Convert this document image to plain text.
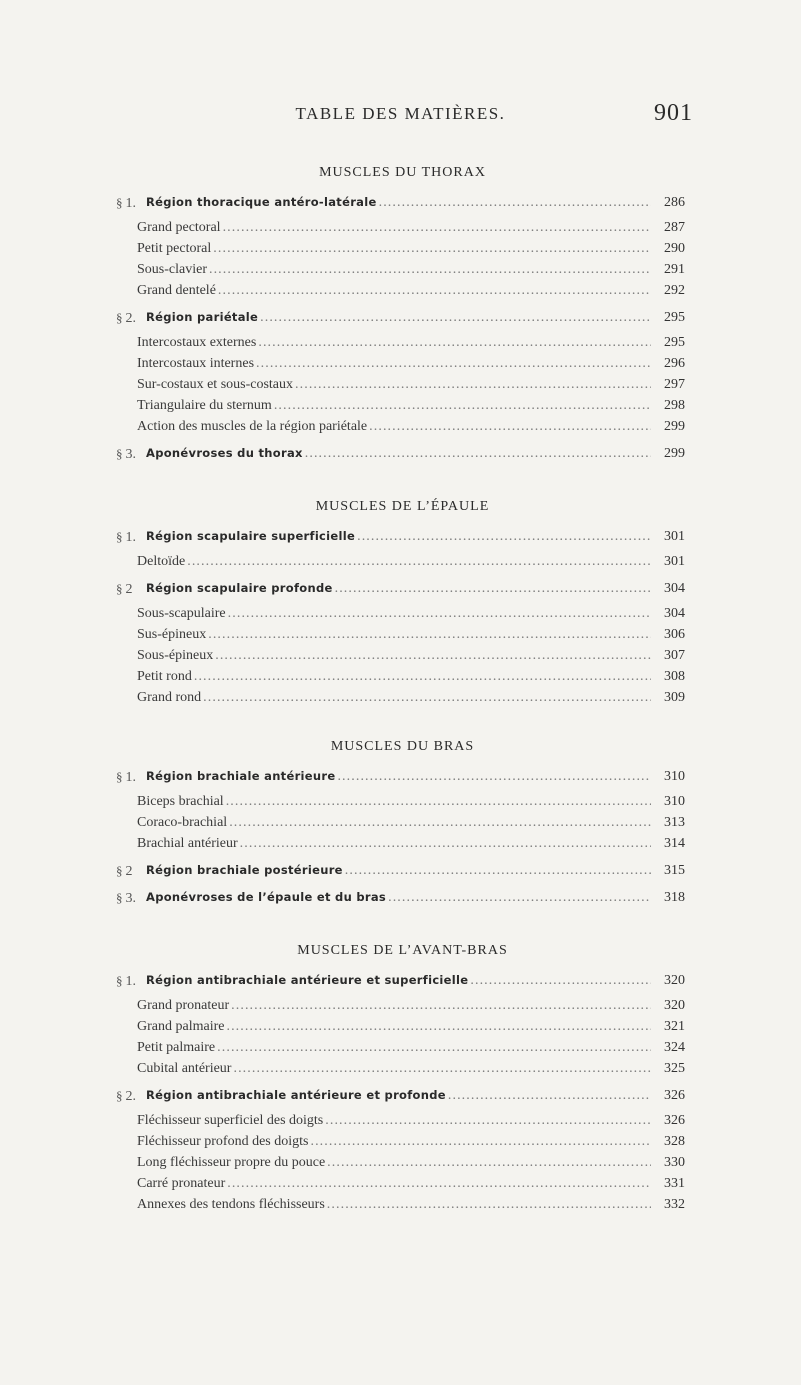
TABLE DES MATIÈRES.	901
MUSCLES DU THORAX
§ 1. Région thoracique antéro-latérale . . .	286
Grand pectoral . . .	287
Petit pectoral . . .	290
Sous-clavier . . .	291
Grand dentelé . . .	292
§ 2. Région pariétale . . .	295
Intercostaux externes . . .	295
Intercostaux internes . . .	296
Sur-costaux et sous-costaux . . .	297
Triangulaire du sternum . . .	298
Action des muscles de la région pariétale . . .	299
§ 3. Aponévroses du thorax . . .	299
MUSCLES DE L’ÉPAULE
§ 1. Région scapulaire superficielle . . .	301
Deltoïde . . .	301
§ 2	Région scapulaire profonde . . .	304
Sous-scapulaire . . .	304
Sus-épineux . . .	306
Sous-épineux . . .	307
Petit rond . . .	308
Grand rond . . .	309
MUSCLES DU BRAS
§ 1. Région brachiale antérieure . . .	310
Biceps brachial . . .	310
Coraco-brachial . . .	313
Brachial antérieur . . .	314
§ 2	Région brachiale postérieure . . .	315
§ 3. Aponévroses de l’épaule et du bras . . .	318
MUSCLES DE L’AVANT-BRAS
§ 1. Région antibrachiale antérieure et superficielle . . .	320
Grand pronateur . . .	320
Grand palmaire . . .	321
Petit palmaire . . .	324
Cubital antérieur . . .	325
§ 2. Région antibrachiale antérieure et profonde . . .	326
Fléchisseur superficiel des doigts . . .	326
Fléchisseur profond des doigts . . .	328
Long fléchisseur propre du pouce . . .	330
Carré pronateur . . .	331
Annexes des tendons fléchisseurs . . .	332
